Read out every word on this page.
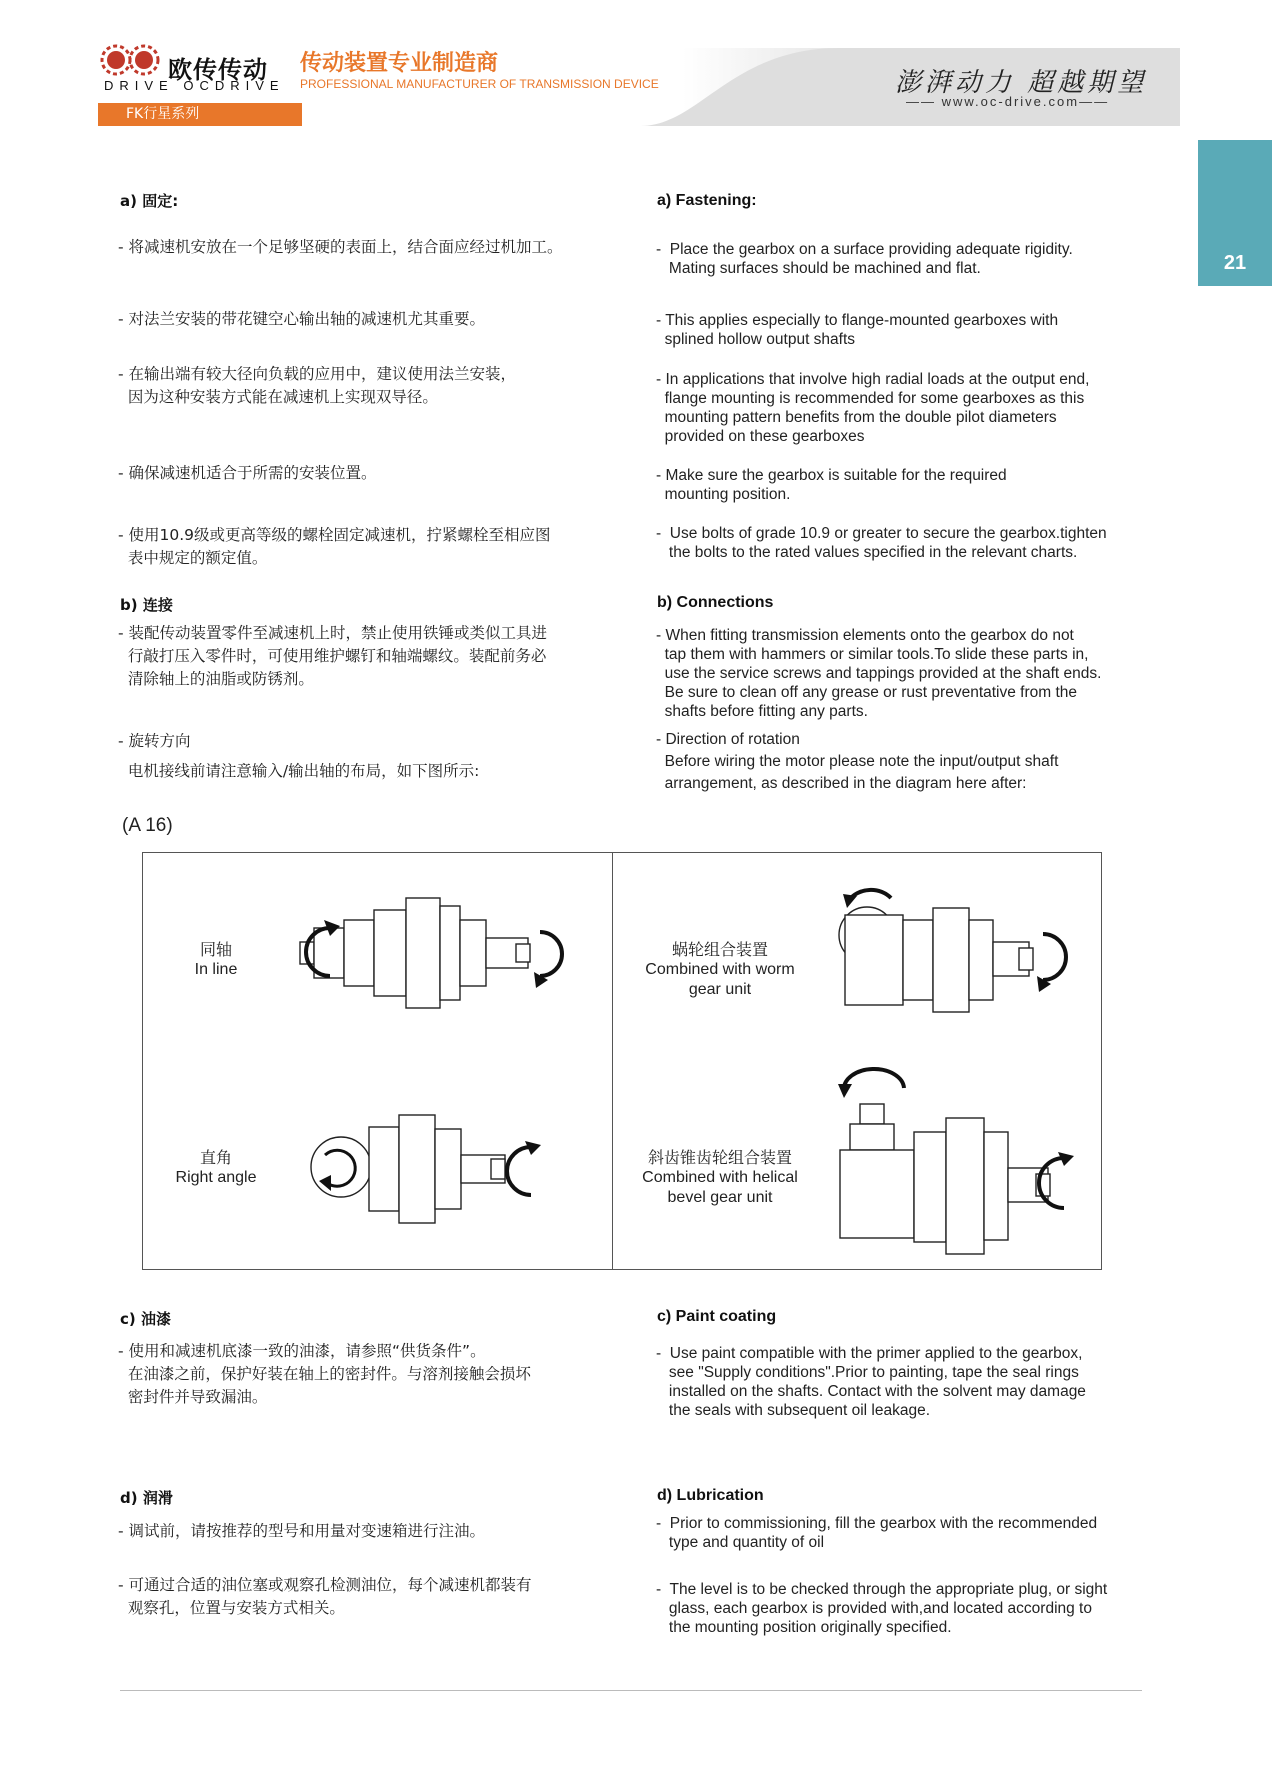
欧传传动
DRIVE OCDRIVE
传动装置专业制造商
PROFESSIONAL MANUFACTURER OF TRANSMISSION DEVICE	澎湃动力 超越期望
—— www.oc-drive.com——
FK行星系列
21
a) 固定:	a) Fastening:
- 将减速机安放在一个足够坚硬的表面上，结合面应经过机加工。	-  Place the gearbox on a surface providing adequate rigidity.
Mating surfaces should be machined and flat.
- 对法兰安装的带花键空心输出轴的减速机尤其重要。	- This applies especially to flange-mounted gearboxes with
splined hollow output shafts
- 在输出端有较大径向负载的应用中，建议使用法兰安装，
因为这种安装方式能在减速机上实现双导径。
- In applications that involve high radial loads at the output end,
flange mounting is recommended for some gearboxes as this
mounting pattern benefits from the double pilot diameters
provided on these gearboxes
- 确保减速机适合于所需的安装位置。	- Make sure the gearbox is suitable for the required
mounting position.
- 使用10.9级或更高等级的螺栓固定减速机，拧紧螺栓至相应图
表中规定的额定值。
-  Use bolts of grade 10.9 or greater to secure the gearbox.tighten
the bolts to the rated values specified in the relevant charts.
b) 连接	b) Connections
- 装配传动装置零件至减速机上时，禁止使用铁锤或类似工具进
行敲打压入零件时，可使用维护螺钉和轴端螺纹。装配前务必
清除轴上的油脂或防锈剂。
- When fitting transmission elements onto the gearbox do not
tap them with hammers or similar tools.To slide these parts in,
use the service screws and tappings provided at the shaft ends.
Be sure to clean off any grease or rust preventative from the
shafts before fitting any parts.
- 旋转方向
电机接线前请注意输入/输出轴的布局，如下图所示:
- Direction of rotation
Before wiring the motor please note the input/output shaft
arrangement, as described in the diagram here after:
(A 16)
同轴
In line
蜗轮组合装置
Combined with worm
gear unit
直角
Right angle
斜齿锥齿轮组合装置
Combined with helical
bevel gear unit
c) 油漆	c) Paint coating
- 使用和减速机底漆一致的油漆，请参照“供货条件”。
在油漆之前，保护好装在轴上的密封件。与溶剂接触会损坏
密封件并导致漏油。
-  Use paint compatible with the primer applied to the gearbox,
see "Supply conditions".Prior to painting, tape the seal rings
installed on the shafts. Contact with the solvent may damage
the seals with subsequent oil leakage.
d) 润滑	d) Lubrication
- 调试前，请按推荐的型号和用量对变速箱进行注油。	-  Prior to commissioning, fill the gearbox with the recommended
type and quantity of oil
- 可通过合适的油位塞或观察孔检测油位，每个减速机都装有
观察孔，位置与安装方式相关。
-  The level is to be checked through the appropriate plug, or sight
glass, each gearbox is provided with,and located according to
the mounting position originally specified.
